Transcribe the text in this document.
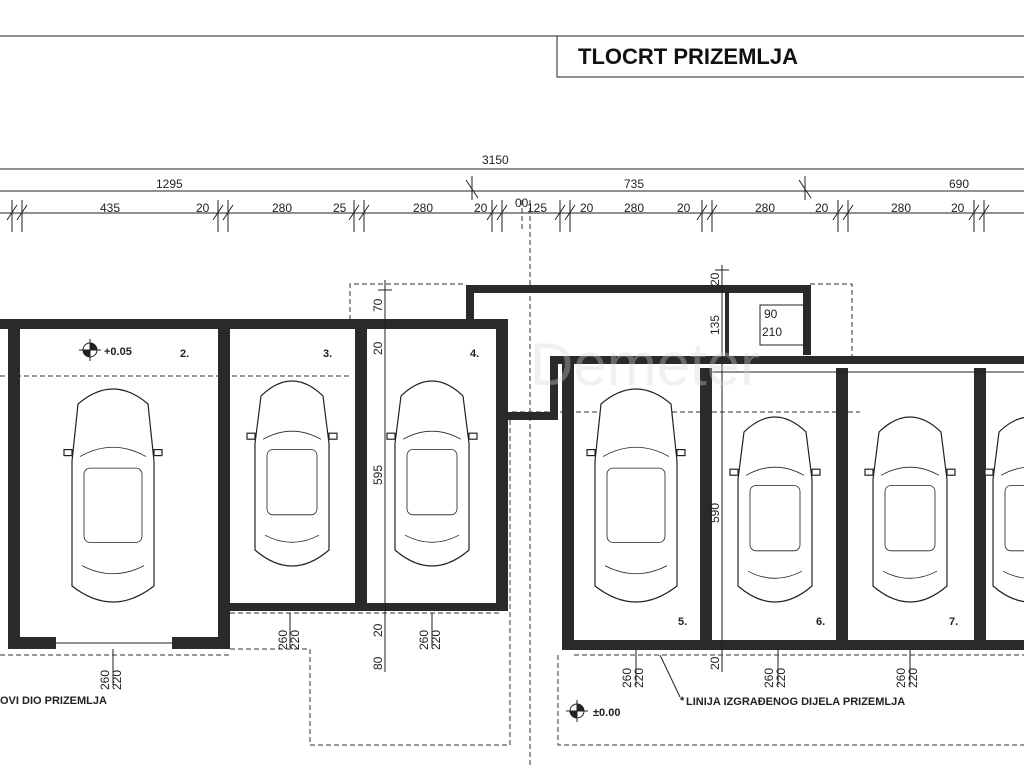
TLOCRT PRIZEMLJA
3150
1295	735	690
435	20	280	25	280	20 00
125	20	280	20	280	20	280	20
90
210
260
220
260
220	260
220
70
20
595
20
80
+0.05	2.	3.	4.
OVI DIO PRIZEMLJA
20
135
590
20
260
220	260
220	260
220
5.	6.	7.
±0.00
* LINIJA IZGRAĐENOG DIJELA PRIZEMLJA
Demeter
